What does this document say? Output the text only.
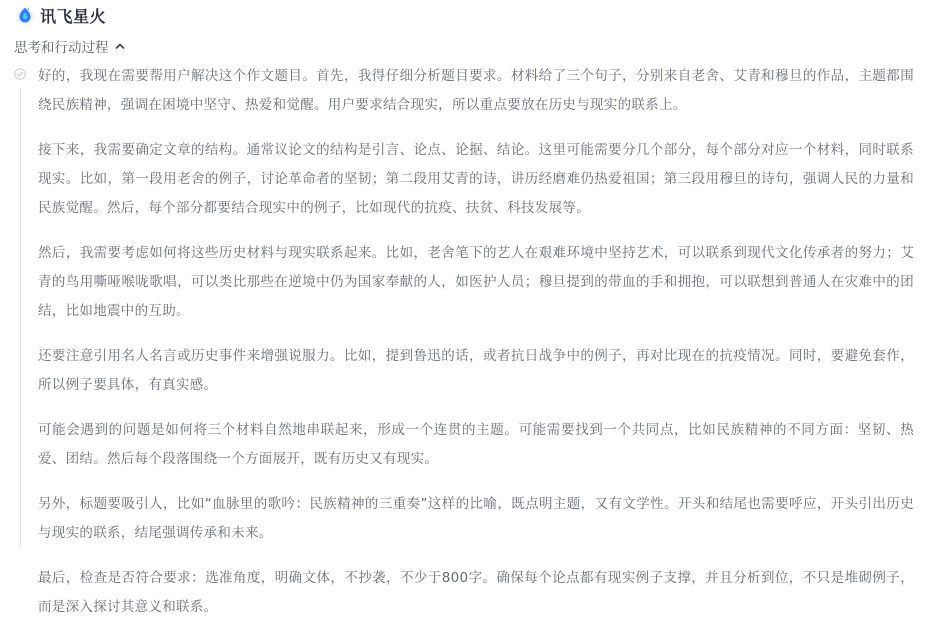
讯飞星火
思考和行动过程

好的，我现在需要帮用户解决这个作文题目。首先，我得仔细分析题目要求。材料给了三个句子，分别来自老舍、艾青和穆旦的作品，主题都围绕民族精神，强调在困境中坚守、热爱和觉醒。用户要求结合现实，所以重点要放在历史与现实的联系上。

接下来，我需要确定文章的结构。通常议论文的结构是引言、论点、论据、结论。这里可能需要分几个部分，每个部分对应一个材料，同时联系现实。比如，第一段用老舍的例子，讨论革命者的坚韧；第二段用艾青的诗，讲历经磨难仍热爱祖国；第三段用穆旦的诗句，强调人民的力量和民族觉醒。然后，每个部分都要结合现实中的例子，比如现代的抗疫、扶贫、科技发展等。

然后，我需要考虑如何将这些历史材料与现实联系起来。比如，老舍笔下的艺人在艰难环境中坚持艺术，可以联系到现代文化传承者的努力；艾青的鸟用嘶哑喉咙歌唱，可以类比那些在逆境中仍为国家奉献的人，如医护人员；穆旦提到的带血的手和拥抱，可以联想到普通人在灾难中的团结，比如地震中的互助。

还要注意引用名人名言或历史事件来增强说服力。比如，提到鲁迅的话，或者抗日战争中的例子，再对比现在的抗疫情况。同时，要避免套作，所以例子要具体，有真实感。

可能会遇到的问题是如何将三个材料自然地串联起来，形成一个连贯的主题。可能需要找到一个共同点，比如民族精神的不同方面：坚韧、热爱、团结。然后每个段落围绕一个方面展开，既有历史又有现实。

另外，标题要吸引人，比如“血脉里的歌吟：民族精神的三重奏”这样的比喻，既点明主题，又有文学性。开头和结尾也需要呼应，开头引出历史与现实的联系，结尾强调传承和未来。

最后，检查是否符合要求：选准角度，明确文体，不抄袭，不少于800字。确保每个论点都有现实例子支撑，并且分析到位，不只是堆砌例子，而是深入探讨其意义和联系。
